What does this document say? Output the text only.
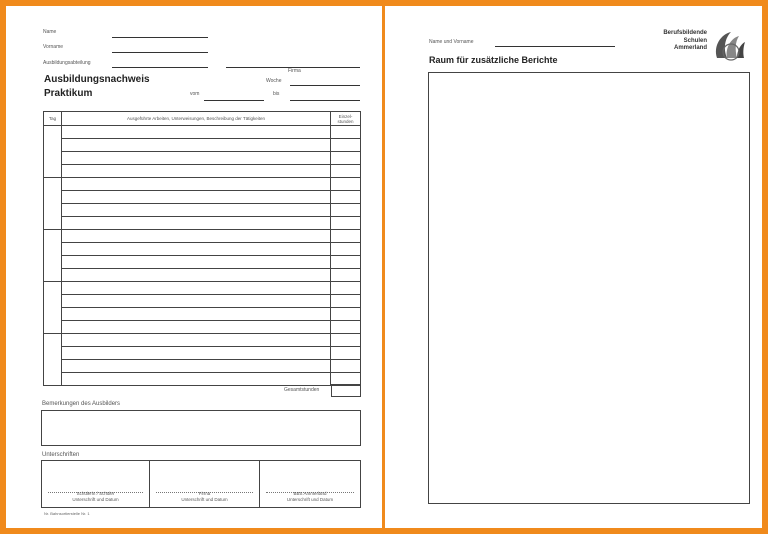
Name
Vorname
Ausbildungsabteilung
Firma
Ausbildungsnachweis
Praktikum
Woche
vom	bis
Tag	Ausgeführte Arbeiten, Unterweisungen, Beschreibung der Tätigkeiten	Einzel-stunden

Gesamtstunden
Bemerkungen des Ausbilders
Unterschriften
Schülerin / Schüler
Unterschrift und Datum
Firma
Unterschrift und Datum
BBS Ammerland
Unterschrift und Datum
Nr. Bahnsortierstelle Nr. 1
Name und Vorname
Berufsbildende
Schulen
Ammerland
Raum für zusätzliche Berichte
